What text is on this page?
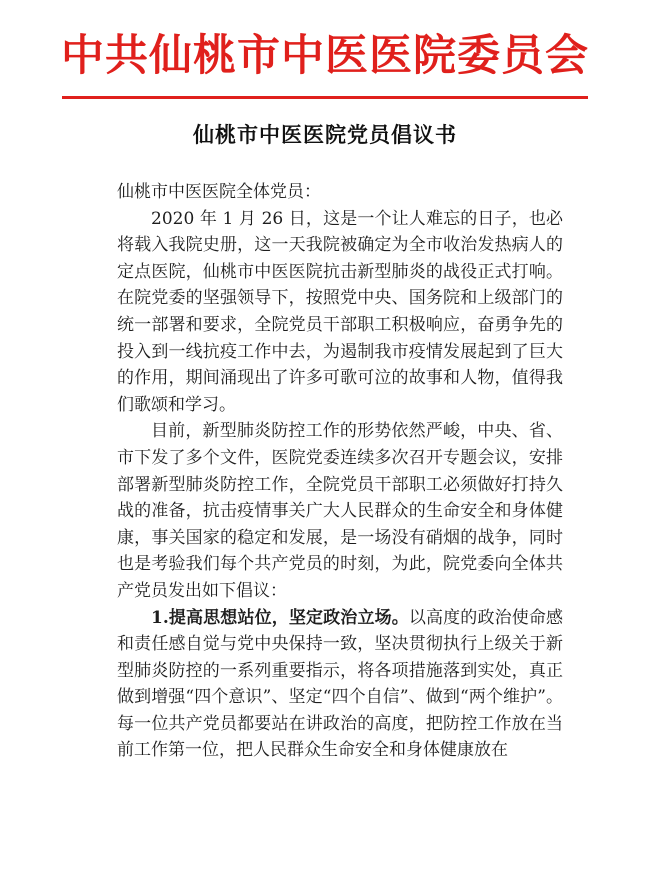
中共仙桃市中医医院委员会
仙桃市中医医院党员倡议书

仙桃市中医医院全体党员：

2020 年 1 月 26 日，这是一个让人难忘的日子，也必将载入我院史册，这一天我院被确定为全市收治发热病人的定点医院，仙桃市中医医院抗击新型肺炎的战役正式打响。在院党委的坚强领导下，按照党中央、国务院和上级部门的统一部署和要求，全院党员干部职工积极响应，奋勇争先的投入到一线抗疫工作中去，为遏制我市疫情发展起到了巨大的作用，期间涌现出了许多可歌可泣的故事和人物，值得我们歌颂和学习。

目前，新型肺炎防控工作的形势依然严峻，中央、省、市下发了多个文件，医院党委连续多次召开专题会议，安排部署新型肺炎防控工作，全院党员干部职工必须做好打持久战的准备，抗击疫情事关广大人民群众的生命安全和身体健康，事关国家的稳定和发展，是一场没有硝烟的战争，同时也是考验我们每个共产党员的时刻，为此，院党委向全体共产党员发出如下倡议：

1.提高思想站位，坚定政治立场。以高度的政治使命感和责任感自觉与党中央保持一致，坚决贯彻执行上级关于新型肺炎防控的一系列重要指示，将各项措施落到实处，真正做到增强“四个意识”、坚定“四个自信”、做到“两个维护”。每一位共产党员都要站在讲政治的高度，把防控工作放在当前工作第一位，把人民群众生命安全和身体健康放在
